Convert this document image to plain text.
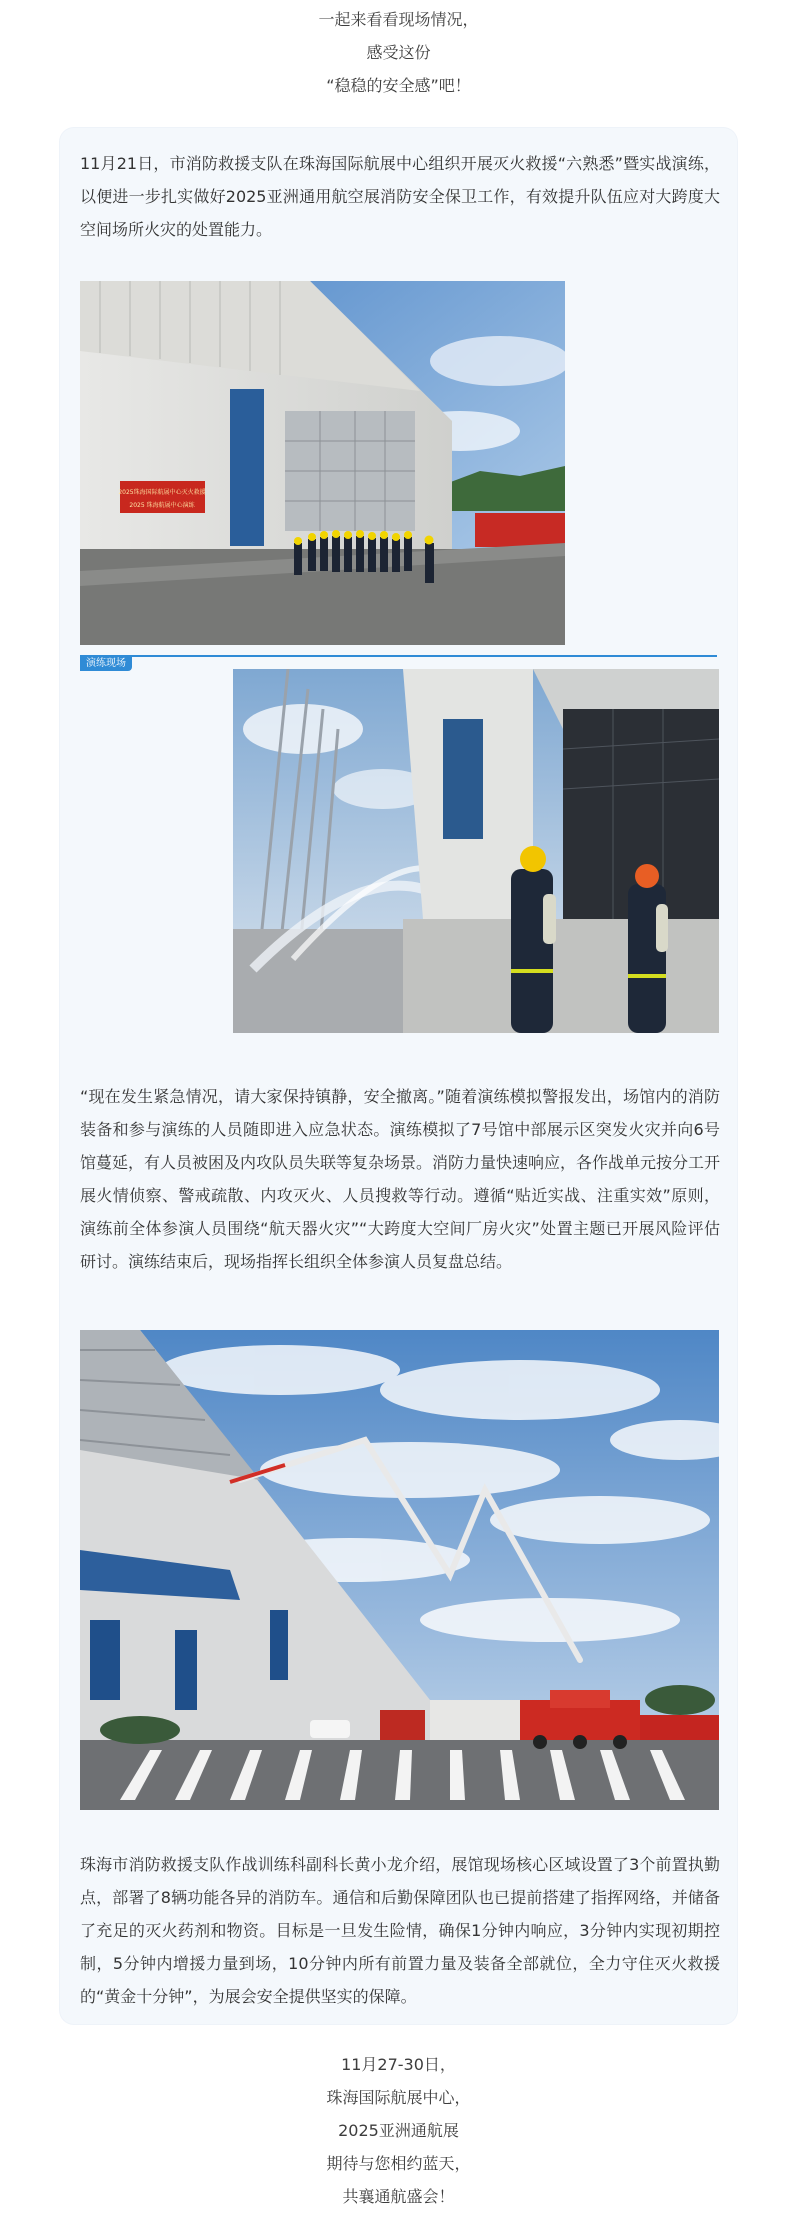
一起来看看现场情况，
感受这份
“稳稳的安全感”吧！

11月21日，市消防救援支队在珠海国际航展中心组织开展灭火救援“六熟悉”暨实战演练，以便进一步扎实做好2025亚洲通用航空展消防安全保卫工作，有效提升队伍应对大跨度大空间场所火灾的处置能力。

2025珠海国际航展中心灭火救援
2025 珠海航展中心演练
演练现场

“现在发生紧急情况，请大家保持镇静，安全撤离。”随着演练模拟警报发出，场馆内的消防装备和参与演练的人员随即进入应急状态。演练模拟了7号馆中部展示区突发火灾并向6号馆蔓延，有人员被困及内攻队员失联等复杂场景。消防力量快速响应，各作战单元按分工开展火情侦察、警戒疏散、内攻灭火、人员搜救等行动。遵循“贴近实战、注重实效”原则，演练前全体参演人员围绕“航天器火灾”“大跨度大空间厂房火灾”处置主题已开展风险评估研讨。演练结束后，现场指挥长组织全体参演人员复盘总结。

珠海市消防救援支队作战训练科副科长黄小龙介绍，展馆现场核心区域设置了3个前置执勤点，部署了8辆功能各异的消防车。通信和后勤保障团队也已提前搭建了指挥网络，并储备了充足的灭火药剂和物资。目标是一旦发生险情，确保1分钟内响应，3分钟内实现初期控制，5分钟内增援力量到场，10分钟内所有前置力量及装备全部就位，全力守住灭火救援的“黄金十分钟”，为展会安全提供坚实的保障。

11月27-30日，
珠海国际航展中心，
2025亚洲通航展
期待与您相约蓝天，
共襄通航盛会！
